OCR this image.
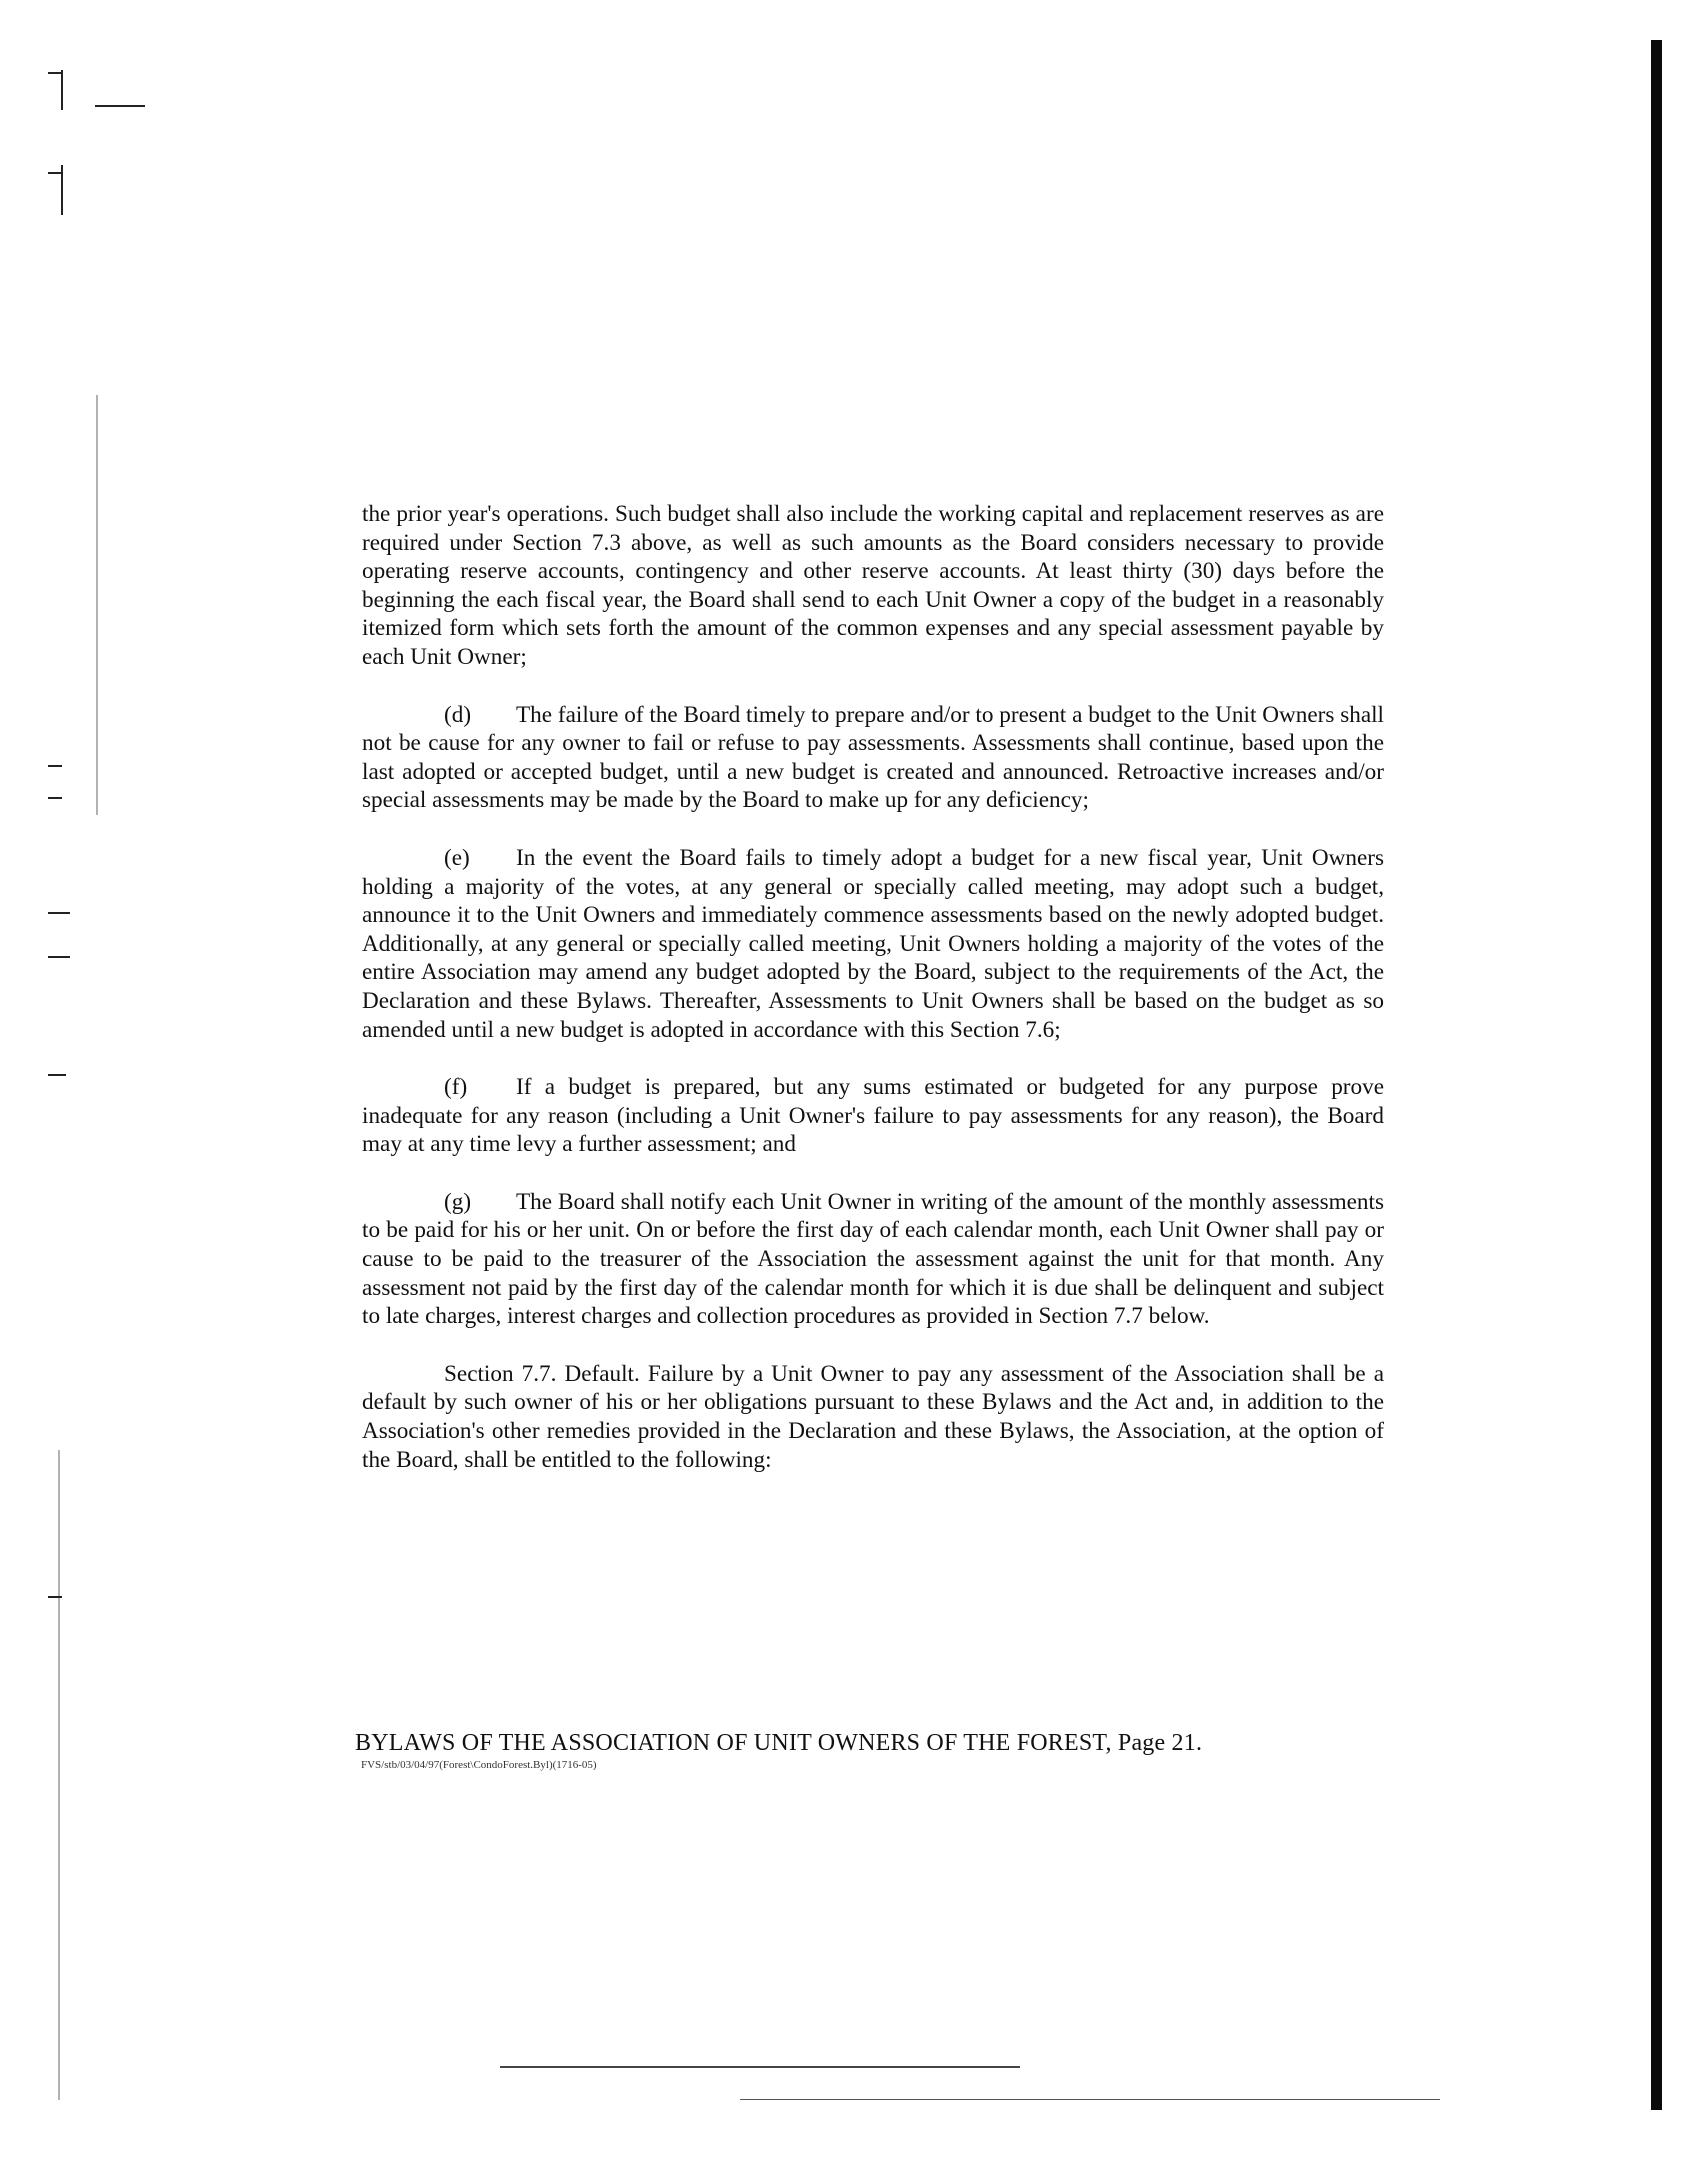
the prior year's operations. Such budget shall also include the working capital and replacement reserves as are required under Section 7.3 above, as well as such amounts as the Board considers necessary to provide operating reserve accounts, contingency and other reserve accounts. At least thirty (30) days before the beginning the each fiscal year, the Board shall send to each Unit Owner a copy of the budget in a reasonably itemized form which sets forth the amount of the common expenses and any special assessment payable by each Unit Owner;

(d) The failure of the Board timely to prepare and/or to present a budget to the Unit Owners shall not be cause for any owner to fail or refuse to pay assessments. Assessments shall continue, based upon the last adopted or accepted budget, until a new budget is created and announced. Retroactive increases and/or special assessments may be made by the Board to make up for any deficiency;

(e) In the event the Board fails to timely adopt a budget for a new fiscal year, Unit Owners holding a majority of the votes, at any general or specially called meeting, may adopt such a budget, announce it to the Unit Owners and immediately commence assessments based on the newly adopted budget. Additionally, at any general or specially called meeting, Unit Owners holding a majority of the votes of the entire Association may amend any budget adopted by the Board, subject to the requirements of the Act, the Declaration and these Bylaws. Thereafter, Assessments to Unit Owners shall be based on the budget as so amended until a new budget is adopted in accordance with this Section 7.6;

(f) If a budget is prepared, but any sums estimated or budgeted for any purpose prove inadequate for any reason (including a Unit Owner's failure to pay assessments for any reason), the Board may at any time levy a further assessment; and

(g) The Board shall notify each Unit Owner in writing of the amount of the monthly assessments to be paid for his or her unit. On or before the first day of each calendar month, each Unit Owner shall pay or cause to be paid to the treasurer of the Association the assessment against the unit for that month. Any assessment not paid by the first day of the calendar month for which it is due shall be delinquent and subject to late charges, interest charges and collection procedures as provided in Section 7.7 below.

Section 7.7. Default. Failure by a Unit Owner to pay any assessment of the Association shall be a default by such owner of his or her obligations pursuant to these Bylaws and the Act and, in addition to the Association's other remedies provided in the Declaration and these Bylaws, the Association, at the option of the Board, shall be entitled to the following:

BYLAWS OF THE ASSOCIATION OF UNIT OWNERS OF THE FOREST, Page 21.
FVS/stb/03/04/97(Forest\CondoForest.Byl)(1716-05)
